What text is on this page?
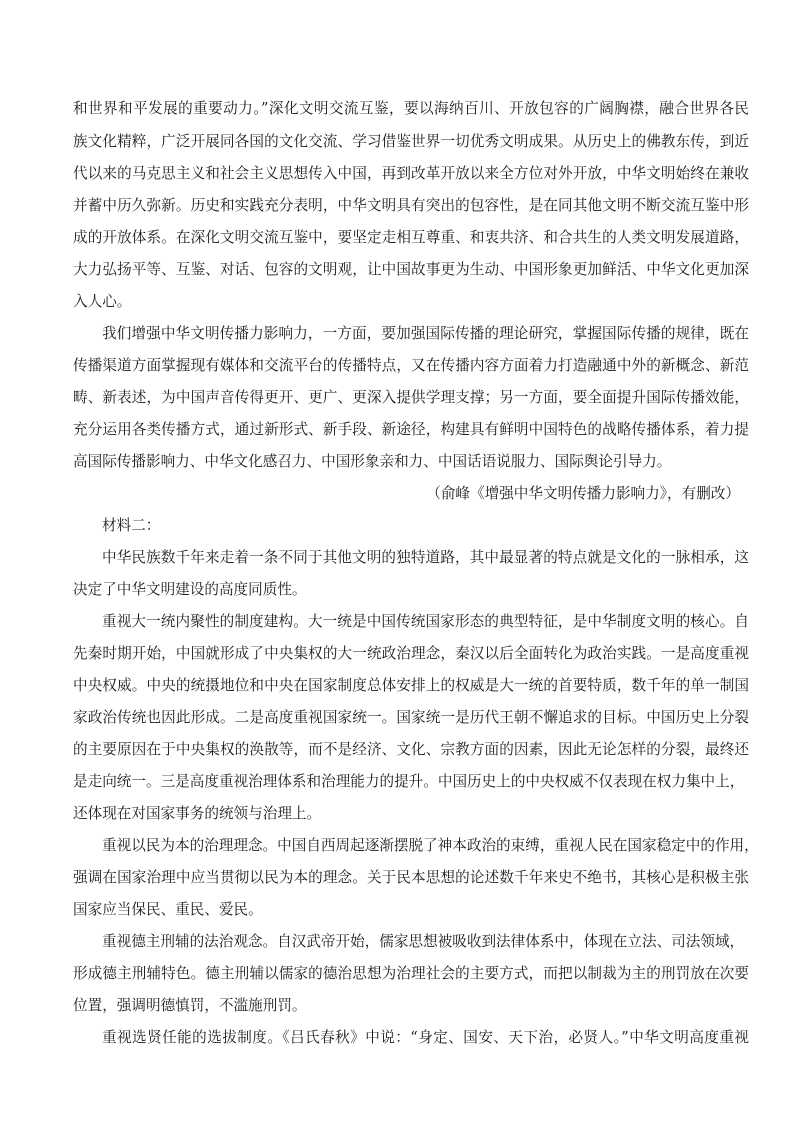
和世界和平发展的重要动力。”深化文明交流互鉴，要以海纳百川、开放包容的广阔胸襟，融合世界各民
族文化精粹，广泛开展同各国的文化交流、学习借鉴世界一切优秀文明成果。从历史上的佛教东传，到近
代以来的马克思主义和社会主义思想传入中国，再到改革开放以来全方位对外开放，中华文明始终在兼收
并蓄中历久弥新。历史和实践充分表明，中华文明具有突出的包容性，是在同其他文明不断交流互鉴中形
成的开放体系。在深化文明交流互鉴中，要坚定走相互尊重、和衷共济、和合共生的人类文明发展道路，
大力弘扬平等、互鉴、对话、包容的文明观，让中国故事更为生动、中国形象更加鲜活、中华文化更加深
入人心。
我们增强中华文明传播力影响力，一方面，要加强国际传播的理论研究，掌握国际传播的规律，既在
传播渠道方面掌握现有媒体和交流平台的传播特点，又在传播内容方面着力打造融通中外的新概念、新范
畴、新表述，为中国声音传得更开、更广、更深入提供学理支撑；另一方面，要全面提升国际传播效能，
充分运用各类传播方式，通过新形式、新手段、新途径，构建具有鲜明中国特色的战略传播体系，着力提
高国际传播影响力、中华文化感召力、中国形象亲和力、中国话语说服力、国际舆论引导力。
（俞峰《增强中华文明传播力影响力》，有删改）
材料二：
中华民族数千年来走着一条不同于其他文明的独特道路，其中最显著的特点就是文化的一脉相承，这
决定了中华文明建设的高度同质性。
重视大一统内聚性的制度建构。大一统是中国传统国家形态的典型特征，是中华制度文明的核心。自
先秦时期开始，中国就形成了中央集权的大一统政治理念，秦汉以后全面转化为政治实践。一是高度重视
中央权威。中央的统摄地位和中央在国家制度总体安排上的权威是大一统的首要特质，数千年的单一制国
家政治传统也因此形成。二是高度重视国家统一。国家统一是历代王朝不懈追求的目标。中国历史上分裂
的主要原因在于中央集权的涣散等，而不是经济、文化、宗教方面的因素，因此无论怎样的分裂，最终还
是走向统一。三是高度重视治理体系和治理能力的提升。中国历史上的中央权威不仅表现在权力集中上，
还体现在对国家事务的统领与治理上。
重视以民为本的治理理念。中国自西周起逐渐摆脱了神本政治的束缚，重视人民在国家稳定中的作用，
强调在国家治理中应当贯彻以民为本的理念。关于民本思想的论述数千年来史不绝书，其核心是积极主张
国家应当保民、重民、爱民。
重视德主刑辅的法治观念。自汉武帝开始，儒家思想被吸收到法律体系中，体现在立法、司法领域，
形成德主刑辅特色。德主刑辅以儒家的德治思想为治理社会的主要方式，而把以制裁为主的刑罚放在次要
位置，强调明德慎罚，不滥施刑罚。
重视选贤任能的选拔制度。《吕氏春秋》中说：“身定、国安、天下治，必贤人。”中华文明高度重视
